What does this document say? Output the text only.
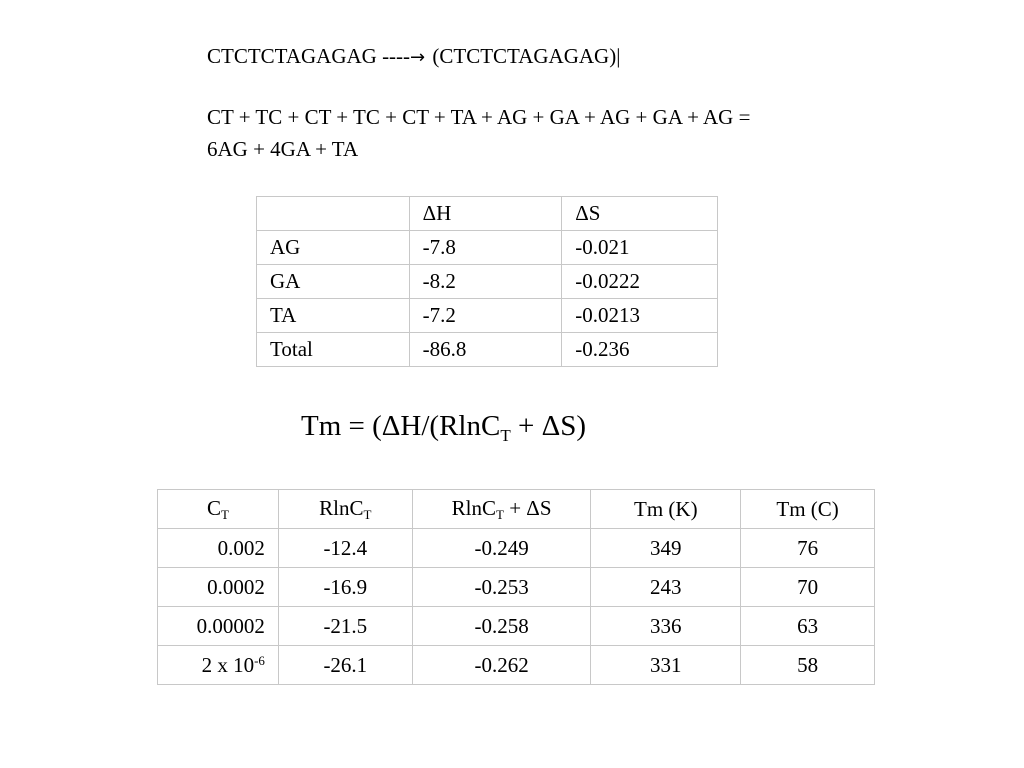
CTCTCTAGAGAG ----→ (CTCTCTAGAGAG)|
CT + TC + CT + TC + CT + TA + AG + GA + AG + GA + AG =
6AG + 4GA + TA
	ΔH	ΔS
AG	-7.8	-0.021
GA	-8.2	-0.0222
TA	-7.2	-0.0213
Total	-86.8	-0.236
Tm = (ΔH/(RlnC$_T$ + ΔS)
$C_T$	RlnC$_T$	RlnC$_T$ + ΔS	Tm (K)	Tm (C)
0.002	-12.4	-0.249	349	76
0.0002	-16.9	-0.253	243	70
0.00002	-21.5	-0.258	336	63
2 x $10^{-6}$	-26.1	-0.262	331	58
